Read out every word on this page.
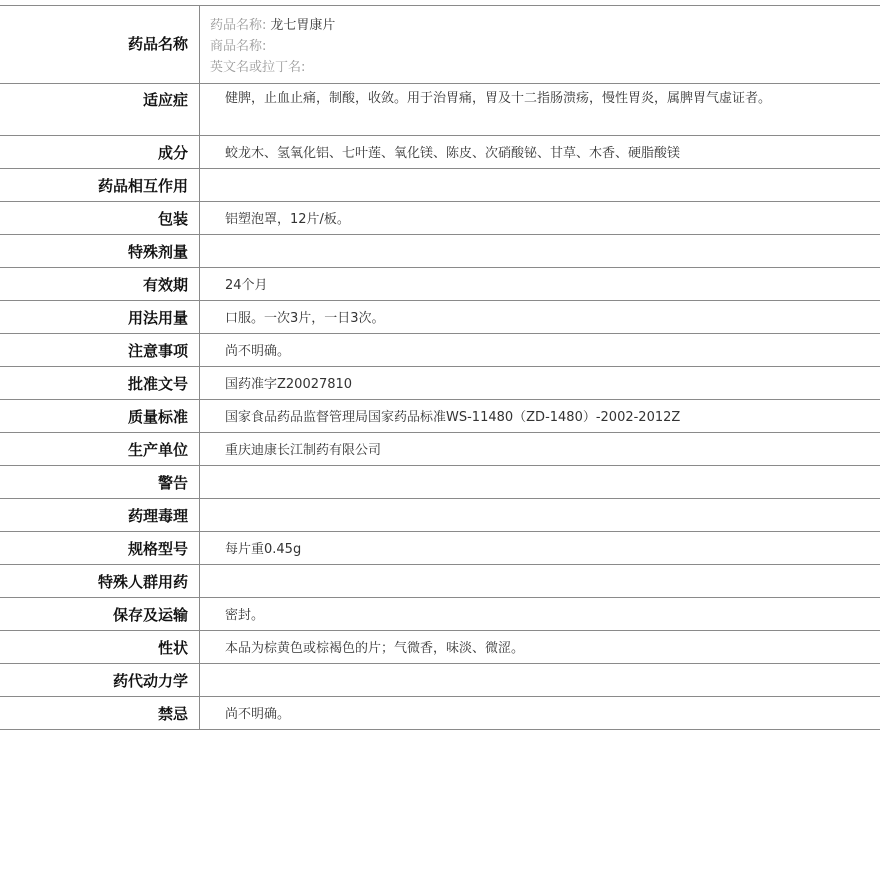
药品名称
药品名称: 龙七胃康片
商品名称:
英文名或拉丁名:
适应症	健脾，止血止痛，制酸，收敛。用于治胃痛，胃及十二指肠溃疡，慢性胃炎，属脾胃气虚证者。
成分	蛟龙木、氢氧化铝、七叶莲、氧化镁、陈皮、次硝酸铋、甘草、木香、硬脂酸镁
药品相互作用
包装	铝塑泡罩，12片/板。
特殊剂量
有效期	24个月
用法用量	口服。一次3片，一日3次。
注意事项	尚不明确。
批准文号	国药准字Z20027810
质量标准	国家食品药品监督管理局国家药品标准WS-11480（ZD-1480）-2002-2012Z
生产单位	重庆迪康长江制药有限公司
警告
药理毒理
规格型号	每片重0.45g
特殊人群用药
保存及运输	密封。
性状	本品为棕黄色或棕褐色的片；气微香，味淡、微涩。
药代动力学
禁忌	尚不明确。
